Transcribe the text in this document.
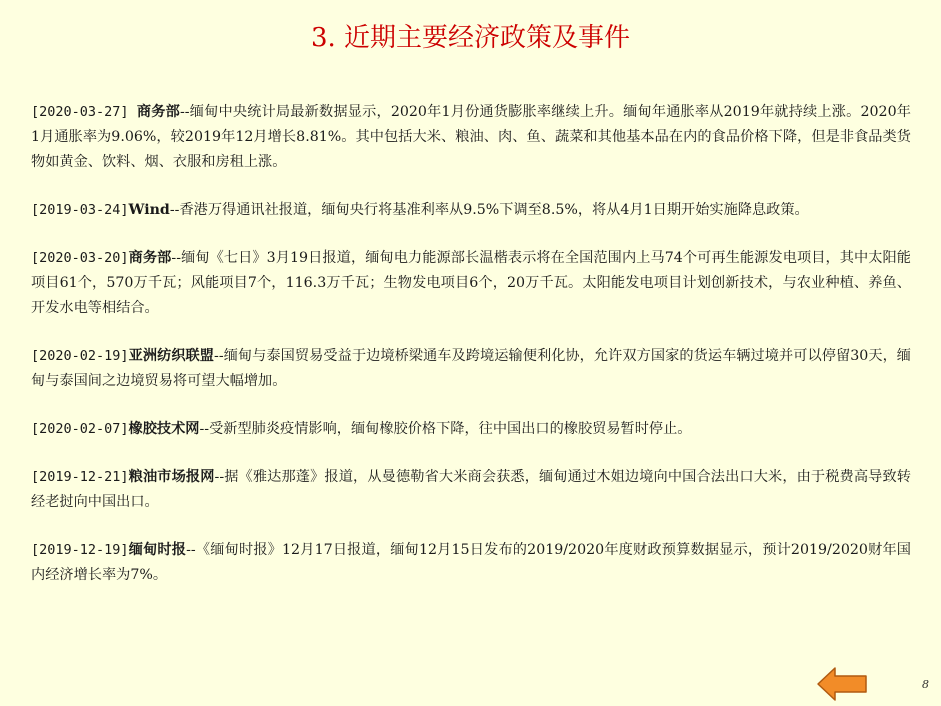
3. 近期主要经济政策及事件
[2020-03-27] 商务部--缅甸中央统计局最新数据显示，2020年1月份通货膨胀率继续上升。缅甸年通胀率从2019年就持续上涨。2020年1月通胀率为9.06%，较2019年12月增长8.81%。其中包括大米、粮油、肉、鱼、蔬菜和其他基本品在内的食品价格下降，但是非食品类货物如黄金、饮料、烟、衣服和房租上涨。
[2019-03-24]Wind--香港万得通讯社报道，缅甸央行将基准利率从9.5%下调至8.5%，将从4月1日期开始实施降息政策。
[2020-03-20]商务部--缅甸《七日》3月19日报道，缅甸电力能源部长温楷表示将在全国范围内上马74个可再生能源发电项目，其中太阳能项目61个，570万千瓦；风能项目7个，116.3万千瓦；生物发电项目6个，20万千瓦。太阳能发电项目计划创新技术，与农业种植、养鱼、开发水电等相结合。
[2020-02-19]亚洲纺织联盟--缅甸与泰国贸易受益于边境桥梁通车及跨境运输便利化协，允许双方国家的货运车辆过境并可以停留30天，缅甸与泰国间之边境贸易将可望大幅增加。
[2020-02-07]橡胶技术网--受新型肺炎疫情影响，缅甸橡胶价格下降，往中国出口的橡胶贸易暂时停止。
[2019-12-21]粮油市场报网--据《雅达那蓬》报道，从曼德勒省大米商会获悉，缅甸通过木姐边境向中国合法出口大米，由于税费高导致转经老挝向中国出口。
[2019-12-19]缅甸时报--《缅甸时报》12月17日报道，缅甸12月15日发布的2019/2020年度财政预算数据显示，预计2019/2020财年国内经济增长率为7%。
8
